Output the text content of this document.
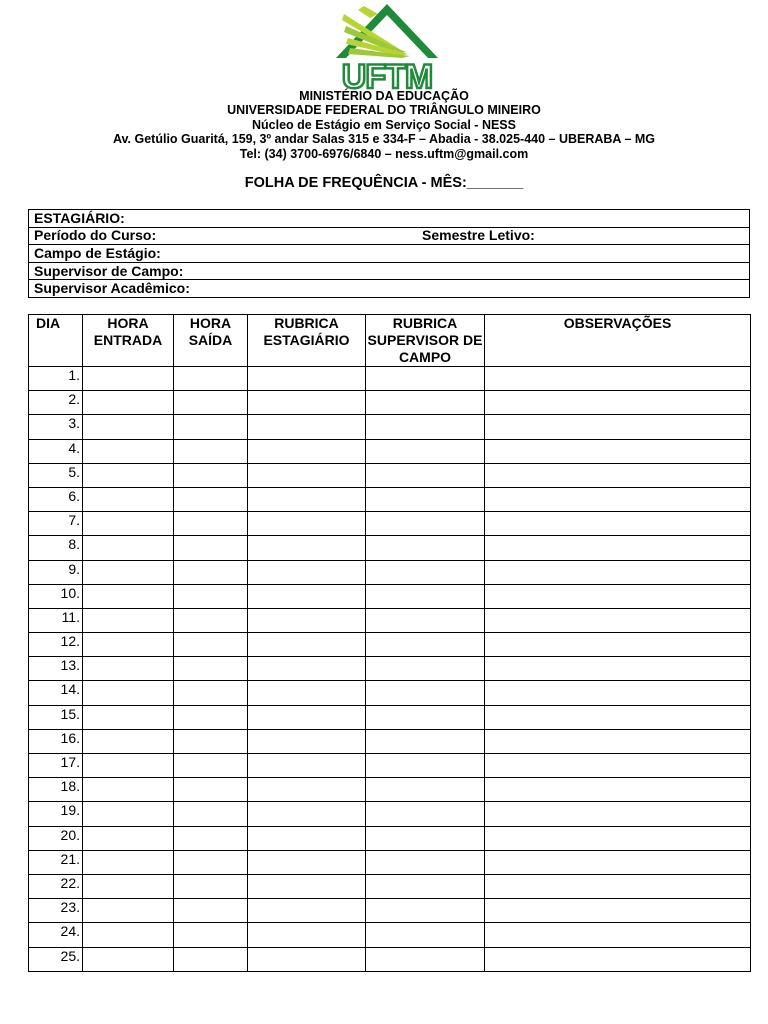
UFTM
MINISTÉRIO DA EDUCAÇÃO
UNIVERSIDADE FEDERAL DO TRIÂNGULO MINEIRO
Núcleo de Estágio em Serviço Social - NESS
Av. Getúlio Guaritá, 159, 3º andar Salas 315 e 334-F – Abadia - 38.025-440 – UBERABA – MG
Tel: (34) 3700-6976/6840 – ness.uftm@gmail.com
FOLHA DE FREQUÊNCIA - MÊS:_______
ESTAGIÁRIO:
Período do Curso:	Semestre Letivo:

Campo de Estágio:
Supervisor de Campo:
Supervisor Acadêmico:
DIA	HORA ENTRADA	HORA SAÍDA	RUBRICA ESTAGIÁRIO	RUBRICA SUPERVISOR DE CAMPO	OBSERVAÇÕES
1.					
2.					
3.					
4.					
5.					
6.					
7.					
8.					
9.					
10.					
11.					
12.					
13.					
14.					
15.					
16.					
17.					
18.					
19.					
20.					
21.					
22.					
23.					
24.					
25.					
